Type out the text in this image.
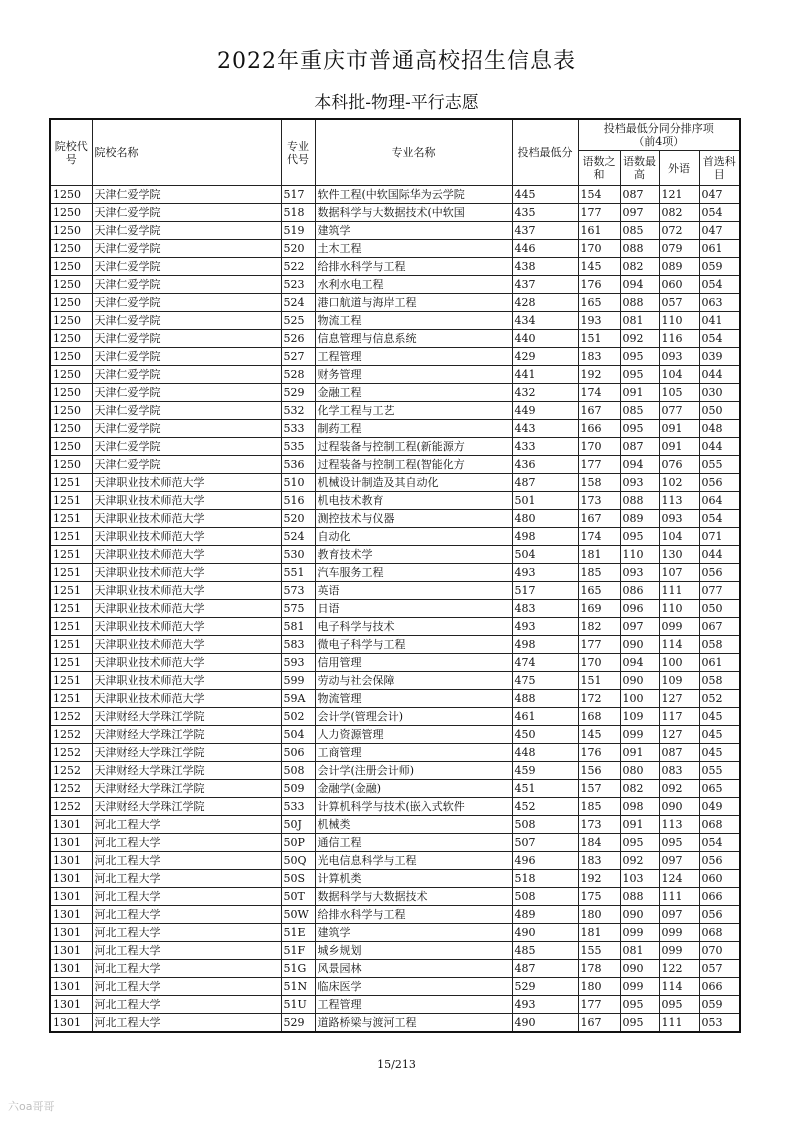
2022年重庆市普通高校招生信息表
本科批-物理-平行志愿
院校代号	院校名称	专业代号	专业名称	投档最低分	投档最低分同分排序项
（前4项）			

					语数之和	语数最高	外语	首选科目
1250	天津仁爱学院	517	软件工程(中软国际华为云学院	445	154	087	121	047
1250	天津仁爱学院	518	数据科学与大数据技术(中软国	435	177	097	082	054
1250	天津仁爱学院	519	建筑学	437	161	085	072	047
1250	天津仁爱学院	520	土木工程	446	170	088	079	061
1250	天津仁爱学院	522	给排水科学与工程	438	145	082	089	059
1250	天津仁爱学院	523	水利水电工程	437	176	094	060	054
1250	天津仁爱学院	524	港口航道与海岸工程	428	165	088	057	063
1250	天津仁爱学院	525	物流工程	434	193	081	110	041
1250	天津仁爱学院	526	信息管理与信息系统	440	151	092	116	054
1250	天津仁爱学院	527	工程管理	429	183	095	093	039
1250	天津仁爱学院	528	财务管理	441	192	095	104	044
1250	天津仁爱学院	529	金融工程	432	174	091	105	030
1250	天津仁爱学院	532	化学工程与工艺	449	167	085	077	050
1250	天津仁爱学院	533	制药工程	443	166	095	091	048
1250	天津仁爱学院	535	过程装备与控制工程(新能源方	433	170	087	091	044
1250	天津仁爱学院	536	过程装备与控制工程(智能化方	436	177	094	076	055
1251	天津职业技术师范大学	510	机械设计制造及其自动化	487	158	093	102	056
1251	天津职业技术师范大学	516	机电技术教育	501	173	088	113	064
1251	天津职业技术师范大学	520	测控技术与仪器	480	167	089	093	054
1251	天津职业技术师范大学	524	自动化	498	174	095	104	071
1251	天津职业技术师范大学	530	教育技术学	504	181	110	130	044
1251	天津职业技术师范大学	551	汽车服务工程	493	185	093	107	056
1251	天津职业技术师范大学	573	英语	517	165	086	111	077
1251	天津职业技术师范大学	575	日语	483	169	096	110	050
1251	天津职业技术师范大学	581	电子科学与技术	493	182	097	099	067
1251	天津职业技术师范大学	583	微电子科学与工程	498	177	090	114	058
1251	天津职业技术师范大学	593	信用管理	474	170	094	100	061
1251	天津职业技术师范大学	599	劳动与社会保障	475	151	090	109	058
1251	天津职业技术师范大学	59A	物流管理	488	172	100	127	052
1252	天津财经大学珠江学院	502	会计学(管理会计)	461	168	109	117	045
1252	天津财经大学珠江学院	504	人力资源管理	450	145	099	127	045
1252	天津财经大学珠江学院	506	工商管理	448	176	091	087	045
1252	天津财经大学珠江学院	508	会计学(注册会计师)	459	156	080	083	055
1252	天津财经大学珠江学院	509	金融学(金融)	451	157	082	092	065
1252	天津财经大学珠江学院	533	计算机科学与技术(嵌入式软件	452	185	098	090	049
1301	河北工程大学	50J	机械类	508	173	091	113	068
1301	河北工程大学	50P	通信工程	507	184	095	095	054
1301	河北工程大学	50Q	光电信息科学与工程	496	183	092	097	056
1301	河北工程大学	50S	计算机类	518	192	103	124	060
1301	河北工程大学	50T	数据科学与大数据技术	508	175	088	111	066
1301	河北工程大学	50W	给排水科学与工程	489	180	090	097	056
1301	河北工程大学	51E	建筑学	490	181	099	099	068
1301	河北工程大学	51F	城乡规划	485	155	081	099	070
1301	河北工程大学	51G	风景园林	487	178	090	122	057
1301	河北工程大学	51N	临床医学	529	180	099	114	066
1301	河北工程大学	51U	工程管理	493	177	095	095	059
1301	河北工程大学	529	道路桥梁与渡河工程	490	167	095	111	053
15/213
六oa哥哥
